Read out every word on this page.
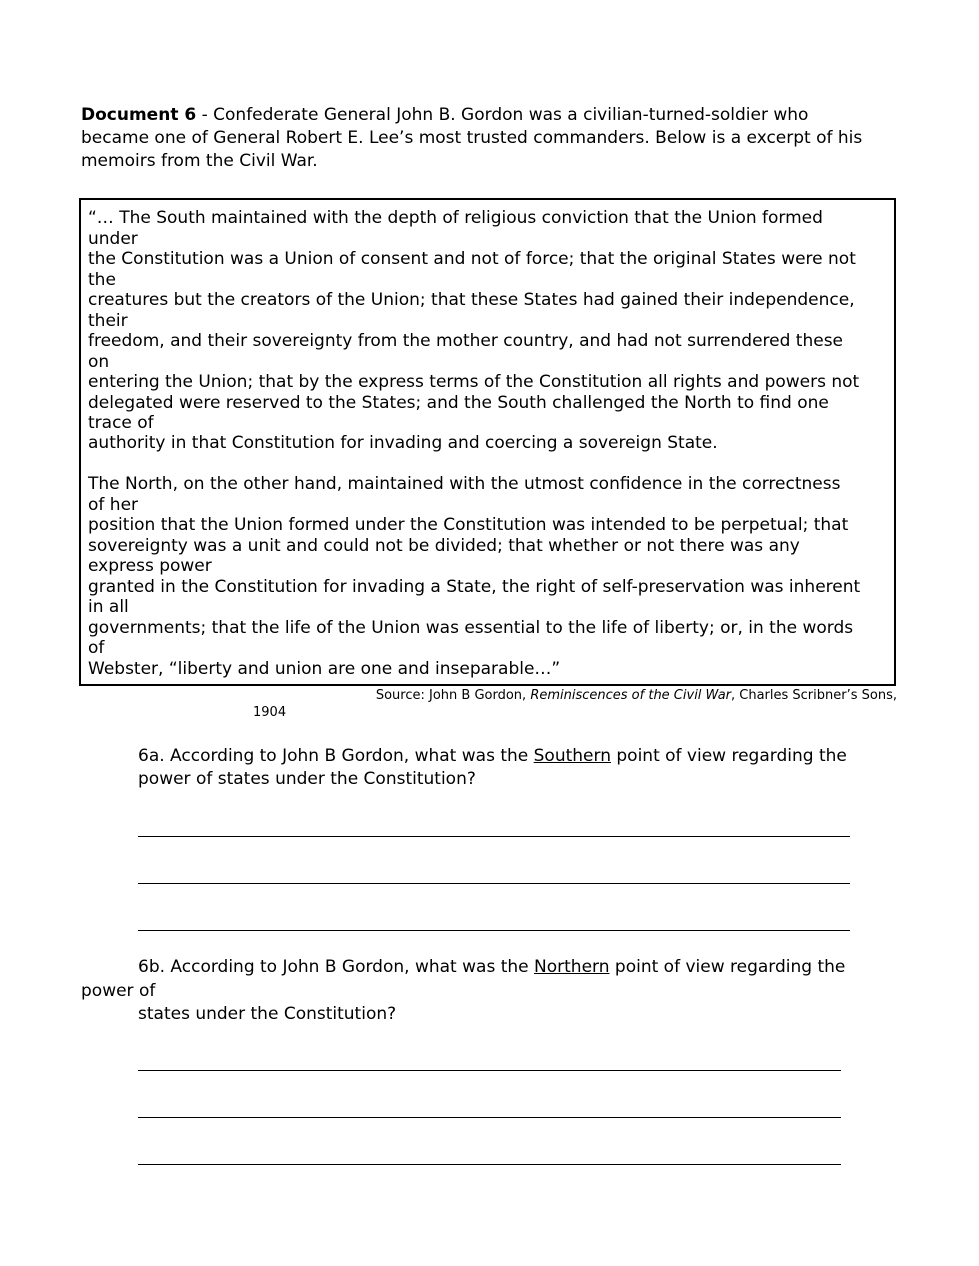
Document 6 - Confederate General John B. Gordon was a civilian-turned-soldier who
became one of General Robert E. Lee’s most trusted commanders. Below is a excerpt of his
memoirs from the Civil War.
“… The South maintained with the depth of religious conviction that the Union formed
under
the Constitution was a Union of consent and not of force; that the original States were not
the
creatures but the creators of the Union; that these States had gained their independence,
their
freedom, and their sovereignty from the mother country, and had not surrendered these
on
entering the Union; that by the express terms of the Constitution all rights and powers not
delegated were reserved to the States; and the South challenged the North to find one
trace of
authority in that Constitution for invading and coercing a sovereign State.
The North, on the other hand, maintained with the utmost confidence in the correctness
of her
position that the Union formed under the Constitution was intended to be perpetual; that
sovereignty was a unit and could not be divided; that whether or not there was any
express power
granted in the Constitution for invading a State, the right of self-preservation was inherent
in all
governments; that the life of the Union was essential to the life of liberty; or, in the words
of
Webster, “liberty and union are one and inseparable…”
Source: John B Gordon, Reminiscences of the Civil War, Charles Scribner’s Sons,
1904
6a. According to John B Gordon, what was the Southern point of view regarding the
power of states under the Constitution?
6b. According to John B Gordon, what was the Northern point of view regarding the
power of
states under the Constitution?
